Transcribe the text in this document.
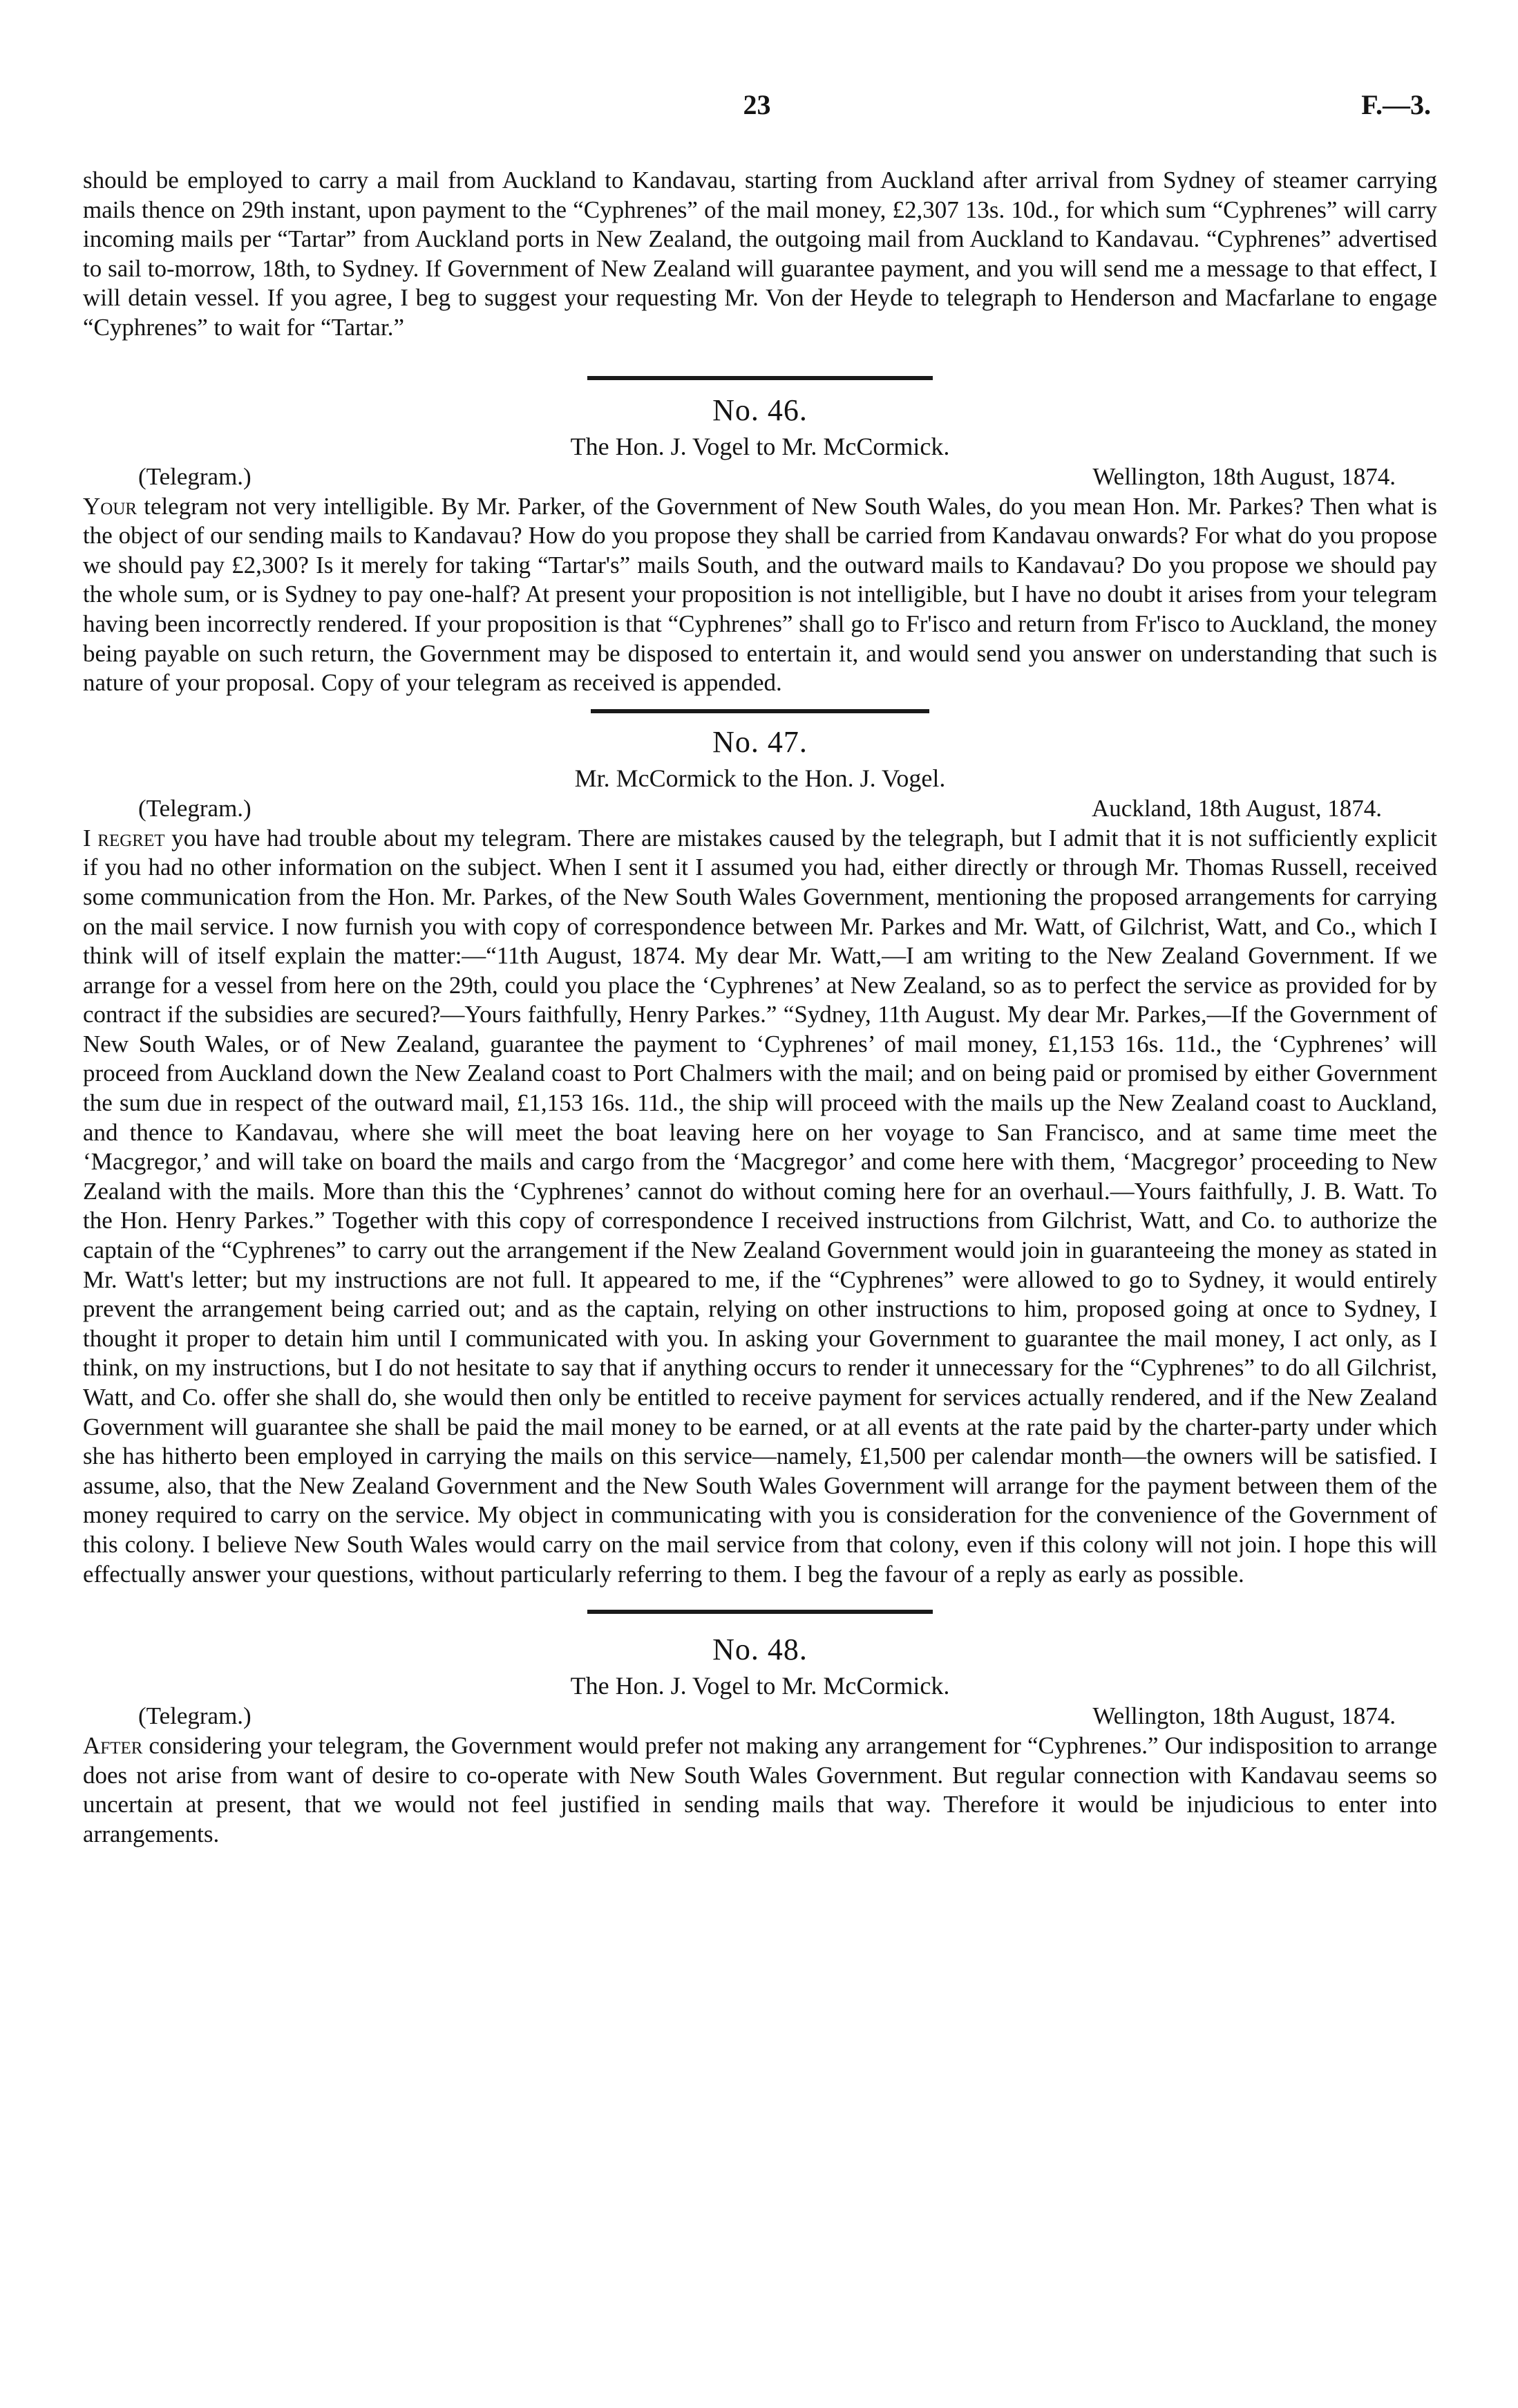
23	F.—3.

should be employed to carry a mail from Auckland to Kandavau, starting from Auckland after arrival from Sydney of steamer carrying mails thence on 29th instant, upon payment to the “Cyphrenes” of the mail money, £2,307 13s. 10d., for which sum “Cyphrenes” will carry incoming mails per “Tartar” from Auckland ports in New Zealand, the outgoing mail from Auckland to Kandavau. “Cyphrenes” advertised to sail to-morrow, 18th, to Sydney. If Government of New Zealand will guarantee payment, and you will send me a message to that effect, I will detain vessel. If you agree, I beg to suggest your requesting Mr. Von der Heyde to telegraph to Henderson and Macfarlane to engage “Cyphrenes” to wait for “Tartar.”

No. 46.
The Hon. J. Vogel to Mr. McCormick.
(Telegram.)	Wellington, 18th August, 1874.

Your telegram not very intelligible. By Mr. Parker, of the Government of New South Wales, do you mean Hon. Mr. Parkes? Then what is the object of our sending mails to Kandavau? How do you propose they shall be carried from Kandavau onwards? For what do you propose we should pay £2,300? Is it merely for taking “Tartar's” mails South, and the outward mails to Kandavau? Do you propose we should pay the whole sum, or is Sydney to pay one-half? At present your proposition is not intelligible, but I have no doubt it arises from your telegram having been incorrectly rendered. If your proposition is that “Cyphrenes” shall go to Fr'isco and return from Fr'isco to Auckland, the money being payable on such return, the Government may be disposed to entertain it, and would send you answer on understanding that such is nature of your proposal. Copy of your telegram as received is appended.

No. 47.
Mr. McCormick to the Hon. J. Vogel.
(Telegram.)	Auckland, 18th August, 1874.

I regret you have had trouble about my telegram. There are mistakes caused by the telegraph, but I admit that it is not sufficiently explicit if you had no other information on the subject. When I sent it I assumed you had, either directly or through Mr. Thomas Russell, received some communication from the Hon. Mr. Parkes, of the New South Wales Government, mentioning the proposed arrangements for carrying on the mail service. I now furnish you with copy of correspondence between Mr. Parkes and Mr. Watt, of Gilchrist, Watt, and Co., which I think will of itself explain the matter:—“11th August, 1874. My dear Mr. Watt,—I am writing to the New Zealand Government. If we arrange for a vessel from here on the 29th, could you place the ‘Cyphrenes’ at New Zealand, so as to perfect the service as provided for by contract if the subsidies are secured?—Yours faithfully, Henry Parkes.” “Sydney, 11th August. My dear Mr. Parkes,—If the Government of New South Wales, or of New Zealand, guarantee the payment to ‘Cyphrenes’ of mail money, £1,153 16s. 11d., the ‘Cyphrenes’ will proceed from Auckland down the New Zealand coast to Port Chalmers with the mail; and on being paid or promised by either Government the sum due in respect of the outward mail, £1,153 16s. 11d., the ship will proceed with the mails up the New Zealand coast to Auckland, and thence to Kandavau, where she will meet the boat leaving here on her voyage to San Francisco, and at same time meet the ‘Macgregor,’ and will take on board the mails and cargo from the ‘Macgregor’ and come here with them, ‘Macgregor’ proceeding to New Zealand with the mails. More than this the ‘Cyphrenes’ cannot do without coming here for an overhaul.—Yours faithfully, J. B. Watt. To the Hon. Henry Parkes.” Together with this copy of correspondence I received instructions from Gilchrist, Watt, and Co. to authorize the captain of the “Cyphrenes” to carry out the arrangement if the New Zealand Government would join in guaranteeing the money as stated in Mr. Watt's letter; but my instructions are not full. It appeared to me, if the “Cyphrenes” were allowed to go to Sydney, it would entirely prevent the arrangement being carried out; and as the captain, relying on other instructions to him, proposed going at once to Sydney, I thought it proper to detain him until I communicated with you. In asking your Government to guarantee the mail money, I act only, as I think, on my instructions, but I do not hesitate to say that if anything occurs to render it unnecessary for the “Cyphrenes” to do all Gilchrist, Watt, and Co. offer she shall do, she would then only be entitled to receive payment for services actually rendered, and if the New Zealand Government will guarantee she shall be paid the mail money to be earned, or at all events at the rate paid by the charter-party under which she has hitherto been employed in carrying the mails on this service—namely, £1,500 per calendar month—the owners will be satisfied. I assume, also, that the New Zealand Government and the New South Wales Government will arrange for the payment between them of the money required to carry on the service. My object in communicating with you is consideration for the convenience of the Government of this colony. I believe New South Wales would carry on the mail service from that colony, even if this colony will not join. I hope this will effectually answer your questions, without particularly referring to them. I beg the favour of a reply as early as possible.

No. 48.
The Hon. J. Vogel to Mr. McCormick.
(Telegram.)	Wellington, 18th August, 1874.

After considering your telegram, the Government would prefer not making any arrangement for “Cyphrenes.” Our indisposition to arrange does not arise from want of desire to co-operate with New South Wales Government. But regular connection with Kandavau seems so uncertain at present, that we would not feel justified in sending mails that way. Therefore it would be injudicious to enter into arrangements.
